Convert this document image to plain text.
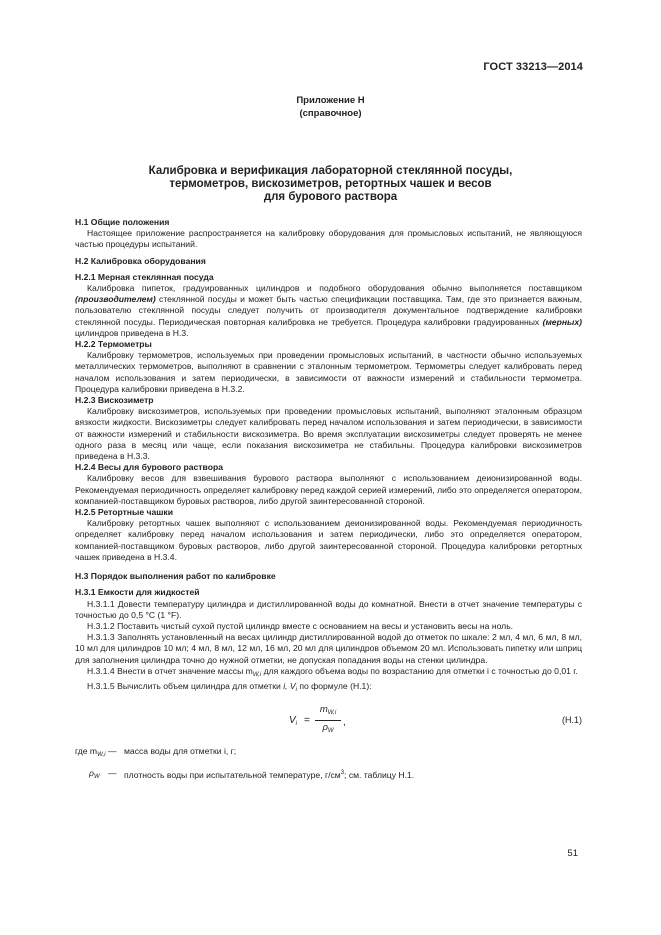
ГОСТ 33213—2014
Приложение Н
(справочное)
Калибровка и верификация лабораторной стеклянной посуды,
термометров, вискозиметров, ретортных чашек и весов
для бурового раствора

Н.1 Общие положения

Настоящее приложение распространяется на калибровку оборудования для промысловых испытаний, не являющуюся частью процедуры испытаний.

Н.2 Калибровка оборудования

Н.2.1 Мерная стеклянная посуда

Калибровка пипеток, градуированных цилиндров и подобного оборудования обычно выполняется поставщиком (производителем) стеклянной посуды и может быть частью спецификации поставщика. Там, где это признается важным, пользователю стеклянной посуды следует получить от производителя документальное подтверждение калибровки стеклянной посуды. Периодическая повторная калибровка не требуется. Процедура калибровки градуированных (мерных) цилиндров приведена в Н.3.

Н.2.2 Термометры

Калибровку термометров, используемых при проведении промысловых испытаний, в частности обычно используемых металлических термометров, выполняют в сравнении с эталонным термометром. Термометры следует калибровать перед началом использования и затем периодически, в зависимости от важности измерений и стабильности термометра. Процедура калибровки приведена в Н.3.2.

Н.2.3 Вискозиметр

Калибровку вискозиметров, используемых при проведении промысловых испытаний, выполняют эталонным образцом вязкости жидкости. Вискозиметры следует калибровать перед началом использования и затем периодически, в зависимости от важности измерений и стабильности вискозиметра. Во время эксплуатации вискозиметры следует проверять не менее одного раза в месяц или чаще, если показания вискозиметра не стабильны. Процедура калибровки вискозиметров приведена в Н.3.3.

Н.2.4 Весы для бурового раствора

Калибровку весов для взвешивания бурового раствора выполняют с использованием деионизированной воды. Рекомендуемая периодичность определяет калибровку перед каждой серией измерений, либо это определяется оператором, компанией-поставщиком буровых растворов, либо другой заинтересованной стороной.

Н.2.5 Ретортные чашки

Калибровку ретортных чашек выполняют с использованием деионизированной воды. Рекомендуемая периодичность определяет калибровку перед началом использования и затем периодически, либо это определяется оператором, компанией-поставщиком буровых растворов, либо другой заинтересованной стороной. Процедура калибровки ретортных чашек приведена в Н.3.4.

Н.3 Порядок выполнения работ по калибровке

Н.3.1 Емкости для жидкостей

Н.3.1.1 Довести температуру цилиндра и дистиллированной воды до комнатной. Внести в отчет значение температуры с точностью до 0,5 °С (1 °F).

Н.3.1.2 Поставить чистый сухой пустой цилиндр вместе с основанием на весы и установить весы на ноль.

Н.3.1.3 Заполнять установленный на весах цилиндр дистиллированной водой до отметок по шкале: 2 мл, 4 мл, 6 мл, 8 мл, 10 мл для цилиндров 10 мл; 4 мл, 8 мл, 12 мл, 16 мл, 20 мл для цилиндров объемом 20 мл. Использовать пипетку или шприц для заполнения цилиндра точно до нужной отметки, не допуская попадания воды на стенки цилиндра.

Н.3.1.4 Внести в отчет значение массы $m_{W,i}$ для каждого объема воды по возрастанию для отметки i с точностью до 0,01 г.

Н.3.1.5 Вычислить объем цилиндра для отметки i, $V_i$ по формуле (Н.1):

$V_i$ =
$m_{W,i}$
$\rho_W$
,	(Н.1)
где $m_{W,i}$ — масса воды для отметки i, г;
$\rho_W$ — плотность воды при испытательной температуре, $г/см^3$; см. таблицу Н.1.
51
